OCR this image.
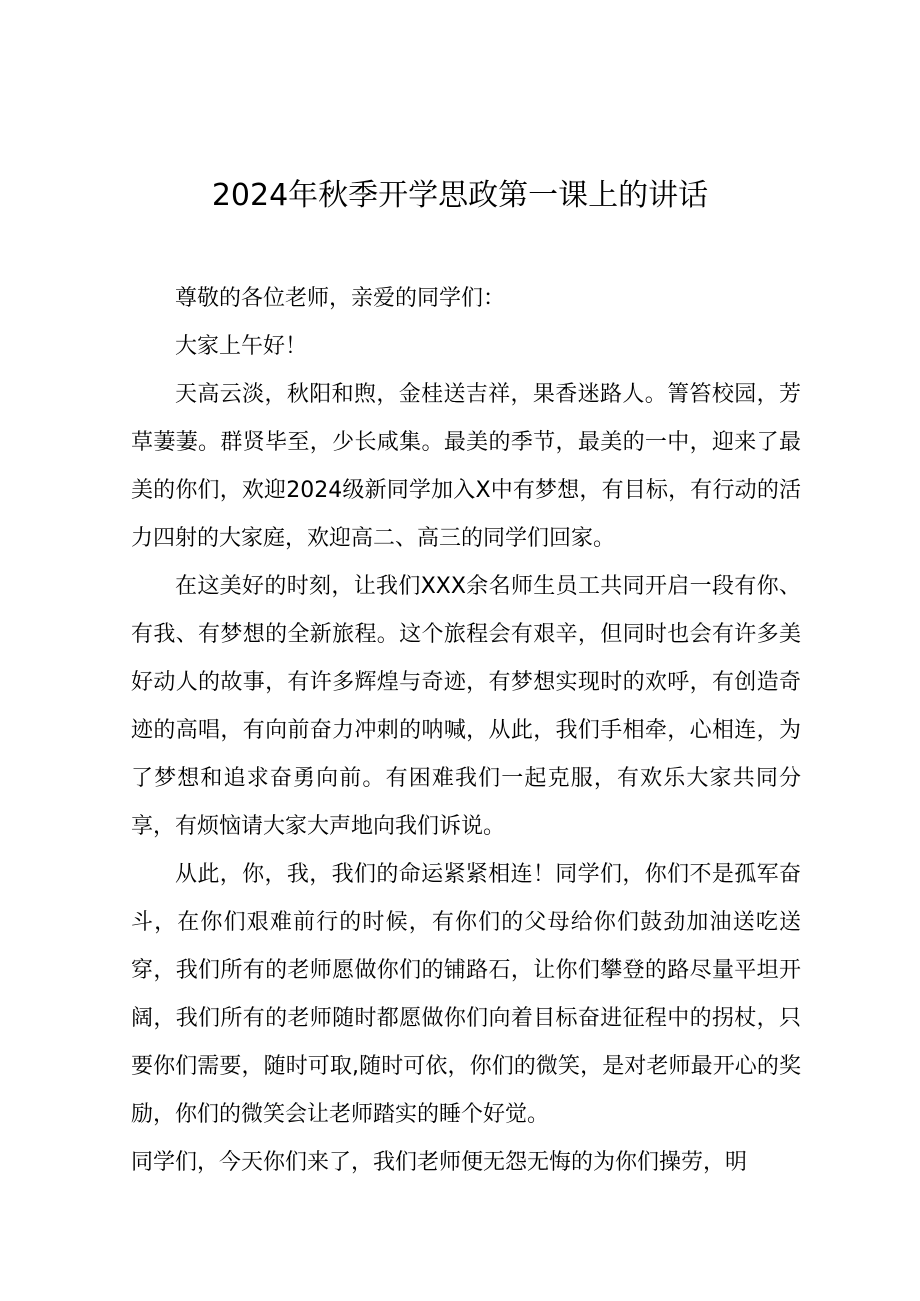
2024年秋季开学思政第一课上的讲话

尊敬的各位老师，亲爱的同学们：

大家上午好！

天高云淡，秋阳和煦，金桂送吉祥，果香迷路人。箐笞校园，芳草萋萋。群贤毕至，少长咸集。最美的季节，最美的一中，迎来了最美的你们，欢迎2024级新同学加入X中有梦想，有目标，有行动的活力四射的大家庭，欢迎高二、高三的同学们回家。

在这美好的时刻，让我们XXX余名师生员工共同开启一段有你、有我、有梦想的全新旅程。这个旅程会有艰辛，但同时也会有许多美好动人的故事，有许多辉煌与奇迹，有梦想实现时的欢呼，有创造奇迹的高唱，有向前奋力冲刺的呐喊，从此，我们手相牵，心相连，为了梦想和追求奋勇向前。有困难我们一起克服，有欢乐大家共同分享，有烦恼请大家大声地向我们诉说。

从此，你，我，我们的命运紧紧相连！同学们，你们不是孤军奋斗，在你们艰难前行的时候，有你们的父母给你们鼓劲加油送吃送穿，我们所有的老师愿做你们的铺路石，让你们攀登的路尽量平坦开阔，我们所有的老师随时都愿做你们向着目标奋进征程中的拐杖，只要你们需要，随时可取,随时可依，你们的微笑，是对老师最开心的奖励，你们的微笑会让老师踏实的睡个好觉。

同学们，今天你们来了，我们老师便无怨无悔的为你们操劳，明
